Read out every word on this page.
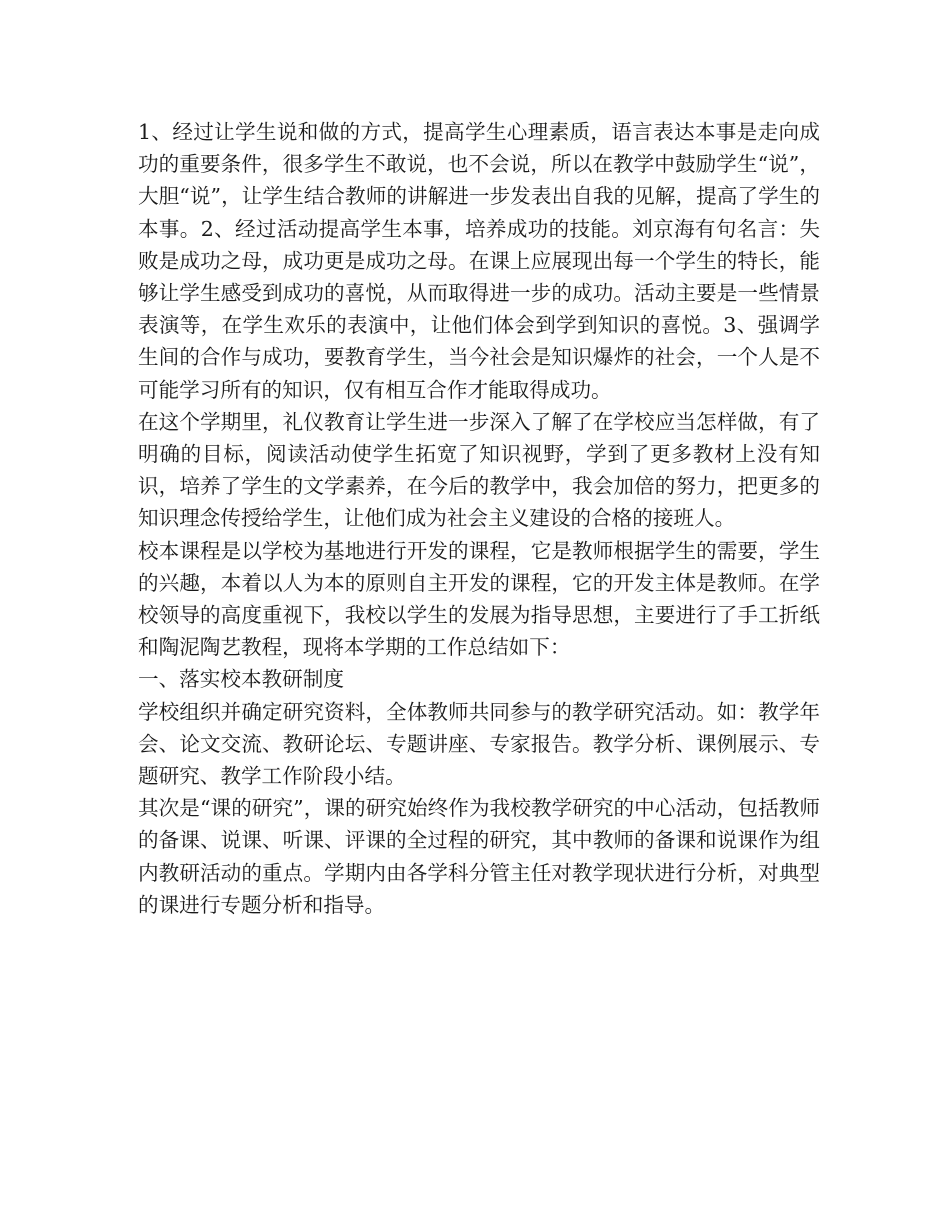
1、经过让学生说和做的方式，提高学生心理素质，语言表达本事是走向成功的重要条件，很多学生不敢说，也不会说，所以在教学中鼓励学生“说”，大胆“说”，让学生结合教师的讲解进一步发表出自我的见解，提高了学生的本事。2、经过活动提高学生本事，培养成功的技能。刘京海有句名言：失败是成功之母，成功更是成功之母。在课上应展现出每一个学生的特长，能够让学生感受到成功的喜悦，从而取得进一步的成功。活动主要是一些情景表演等，在学生欢乐的表演中，让他们体会到学到知识的喜悦。3、强调学生间的合作与成功，要教育学生，当今社会是知识爆炸的社会，一个人是不可能学习所有的知识，仅有相互合作才能取得成功。

在这个学期里，礼仪教育让学生进一步深入了解了在学校应当怎样做，有了明确的目标，阅读活动使学生拓宽了知识视野，学到了更多教材上没有知识，培养了学生的文学素养，在今后的教学中，我会加倍的努力，把更多的知识理念传授给学生，让他们成为社会主义建设的合格的接班人。

校本课程是以学校为基地进行开发的课程，它是教师根据学生的需要，学生的兴趣，本着以人为本的原则自主开发的课程，它的开发主体是教师。在学校领导的高度重视下，我校以学生的发展为指导思想，主要进行了手工折纸和陶泥陶艺教程，现将本学期的工作总结如下：

一、落实校本教研制度

学校组织并确定研究资料，全体教师共同参与的教学研究活动。如：教学年会、论文交流、教研论坛、专题讲座、专家报告。教学分析、课例展示、专题研究、教学工作阶段小结。

其次是“课的研究”，课的研究始终作为我校教学研究的中心活动，包括教师的备课、说课、听课、评课的全过程的研究，其中教师的备课和说课作为组内教研活动的重点。学期内由各学科分管主任对教学现状进行分析，对典型的课进行专题分析和指导。
